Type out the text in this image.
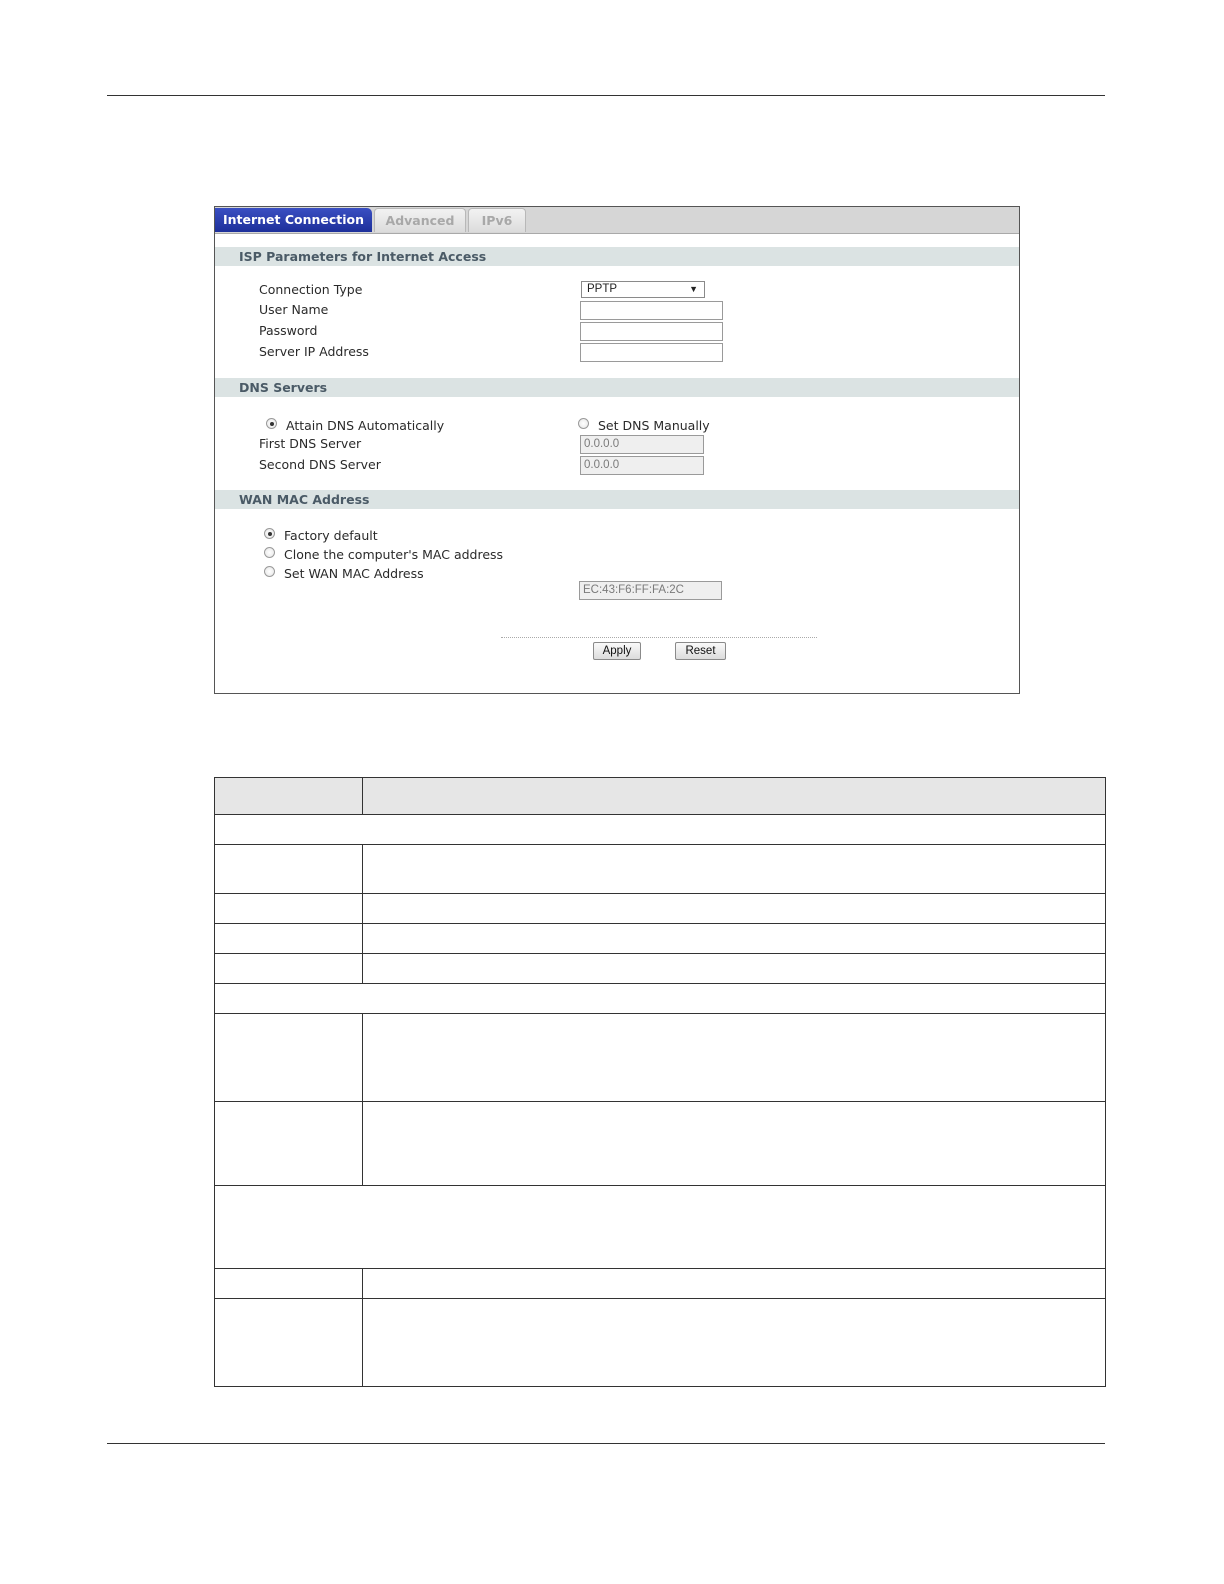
Internet Connection	Advanced	IPv6
ISP Parameters for Internet Access
Connection Type	PPTP	▼
User Name
Password
Server IP Address
DNS Servers
Attain DNS Automatically	Set DNS Manually
First DNS Server	0.0.0.0
Second DNS Server	0.0.0.0
WAN MAC Address
Factory default
Clone the computer's MAC address
Set WAN MAC Address
EC:43:F6:FF:FA:2C
Apply	Reset
